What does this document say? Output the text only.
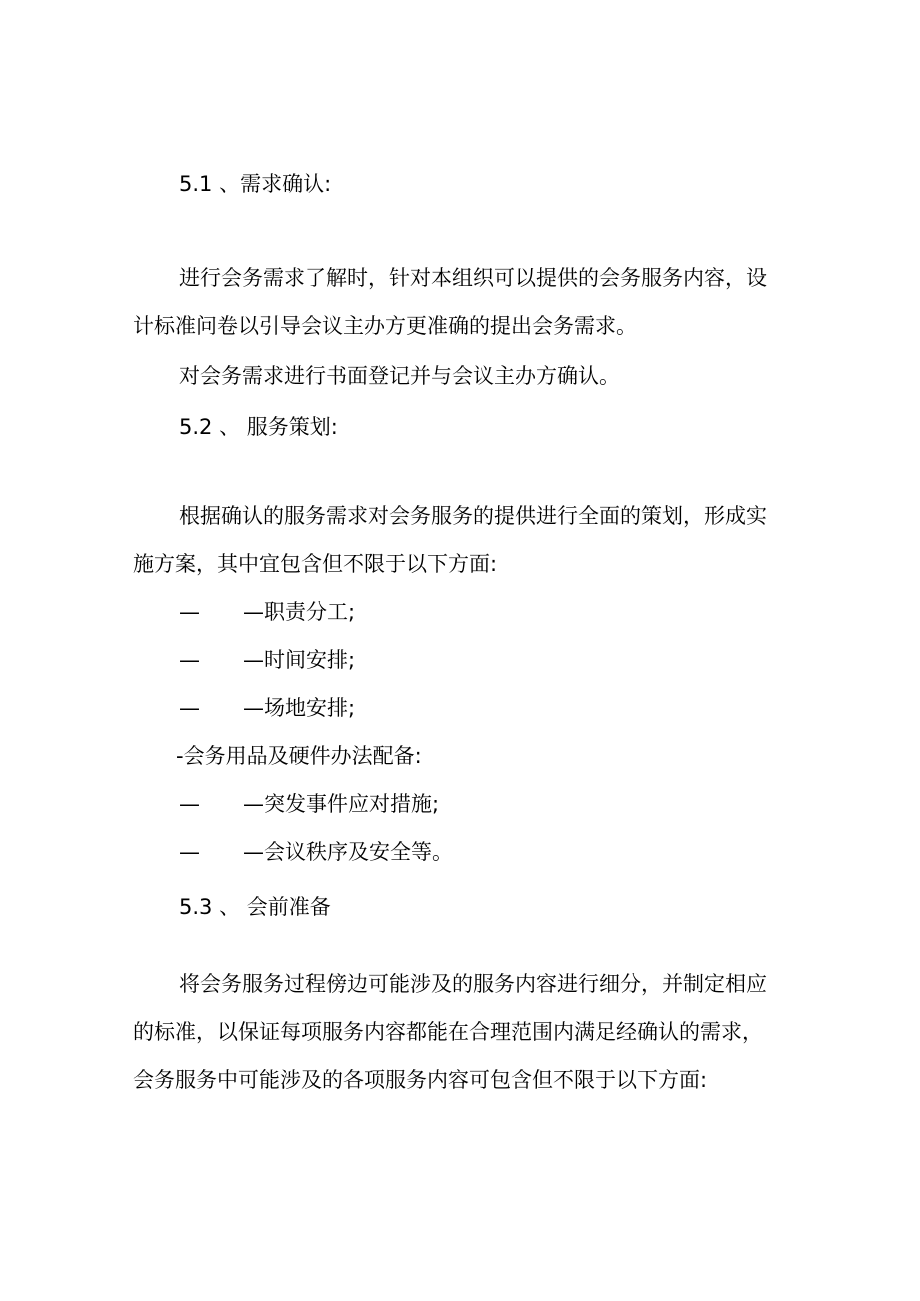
5.1 、需求确认:
进行会务需求了解时，针对本组织可以提供的会务服务内容，设
计标准问卷以引导会议主办方更准确的提出会务需求。
对会务需求进行书面登记并与会议主办方确认。
5.2 、 服务策划:
根据确认的服务需求对会务服务的提供进行全面的策划，形成实
施方案，其中宜包含但不限于以下方面:
— —职责分工;
— —时间安排;
— —场地安排;
-会务用品及硬件办法配备:
— —突发事件应对措施;
— —会议秩序及安全等。
5.3 、 会前准备
将会务服务过程傍边可能涉及的服务内容进行细分，并制定相应
的标准，以保证每项服务内容都能在合理范围内满足经确认的需求，
会务服务中可能涉及的各项服务内容可包含但不限于以下方面:
